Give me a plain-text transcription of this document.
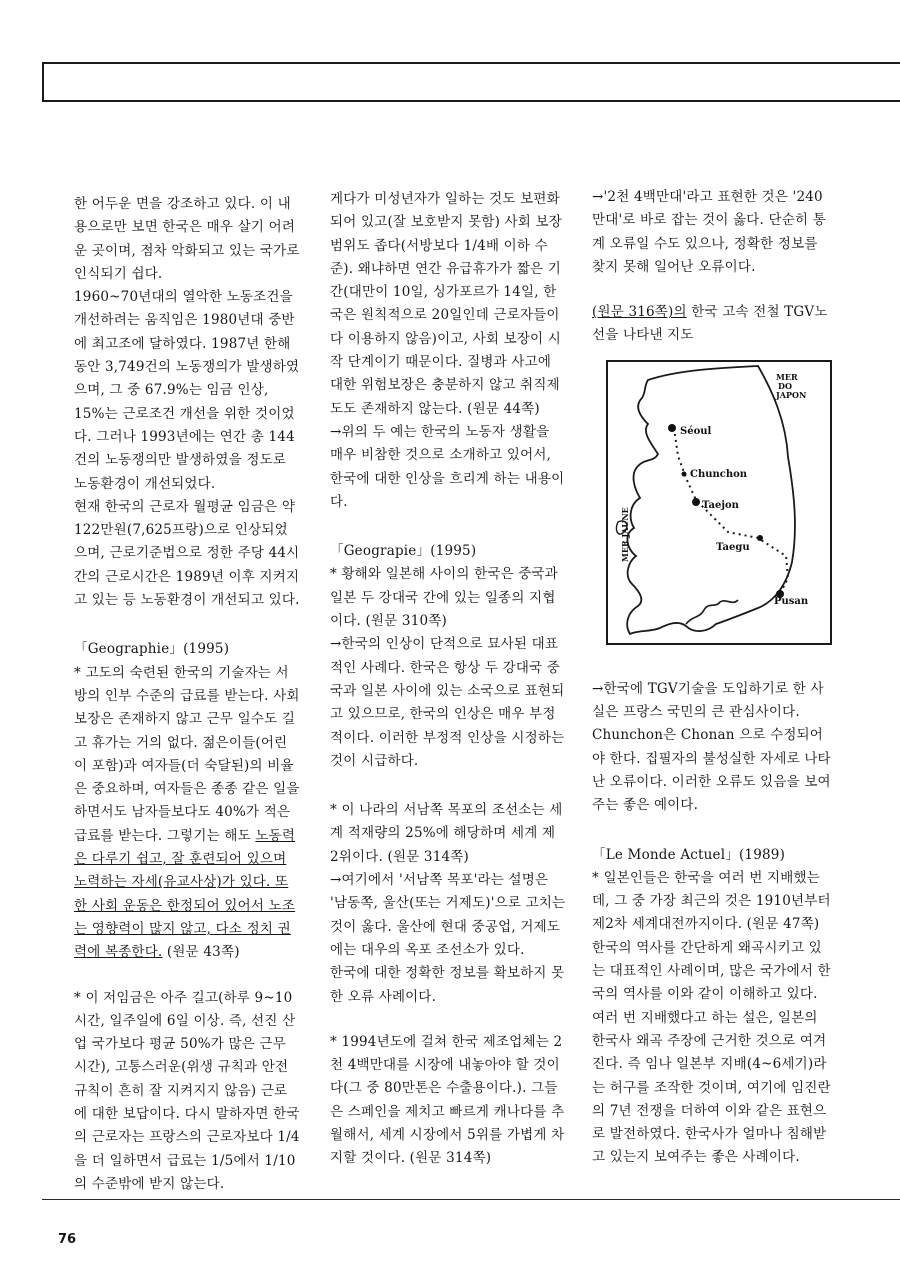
한 어두운 면을 강조하고 있다. 이 내용으로만 보면 한국은 매우 살기 어려운 곳이며, 점차 악화되고 있는 국가로 인식되기 쉽다.

1960~70년대의 열악한 노동조건을 개선하려는 움직임은 1980년대 중반에 최고조에 달하였다. 1987년 한해 동안 3,749건의 노동쟁의가 발생하였으며, 그 중 67.9%는 임금 인상, 15%는 근로조건 개선을 위한 것이었다. 그러나 1993년에는 연간 총 144건의 노동쟁의만 발생하였을 정도로 노동환경이 개선되었다.

현재 한국의 근로자 월평균 임금은 약 122만원(7,625프랑)으로 인상되었으며, 근로기준법으로 정한 주당 44시간의 근로시간은 1989년 이후 지켜지고 있는 등 노동환경이 개선되고 있다.

「Geographie」(1995)

* 고도의 숙련된 한국의 기술자는 서방의 인부 수준의 급료를 받는다. 사회보장은 존재하지 않고 근무 일수도 길고 휴가는 거의 없다. 젊은이들(어린이 포함)과 여자들(더 숙달된)의 비율은 중요하며, 여자들은 종종 같은 일을 하면서도 남자들보다도 40%가 적은 급료를 받는다. 그렇기는 해도 노동력은 다루기 쉽고, 잘 훈련되어 있으며 노력하는 자세(유교사상)가 있다. 또한 사회 운동은 한정되어 있어서 노조는 영향력이 많지 않고, 다소 정치 권력에 복종한다. (원문 43쪽)

* 이 저임금은 아주 길고(하루 9~10시간, 일주일에 6일 이상. 즉, 선진 산업 국가보다 평균 50%가 많은 근무 시간), 고통스러운(위생 규칙과 안전 규칙이 흔히 잘 지켜지지 않음) 근로에 대한 보답이다. 다시 말하자면 한국의 근로자는 프랑스의 근로자보다 1/4을 더 일하면서 급료는 1/5에서 1/10의 수준밖에 받지 않는다.

게다가 미성년자가 일하는 것도 보편화되어 있고(잘 보호받지 못함) 사회 보장 범위도 좁다(서방보다 1/4배 이하 수준). 왜냐하면 연간 유급휴가가 짧은 기간(대만이 10일, 싱가포르가 14일, 한국은 원칙적으로 20일인데 근로자들이 다 이용하지 않음)이고, 사회 보장이 시작 단계이기 때문이다. 질병과 사고에 대한 위험보장은 충분하지 않고 취직제도도 존재하지 않는다. (원문 44쪽)

→위의 두 예는 한국의 노동자 생활을 매우 비참한 것으로 소개하고 있어서, 한국에 대한 인상을 흐리게 하는 내용이다.

「Geograpie」(1995)

* 황해와 일본해 사이의 한국은 중국과 일본 두 강대국 간에 있는 일종의 지협이다. (원문 310쪽)

→한국의 인상이 단적으로 묘사된 대표적인 사례다. 한국은 항상 두 강대국 중국과 일본 사이에 있는 소국으로 표현되고 있으므로, 한국의 인상은 매우 부정적이다. 이러한 부정적 인상을 시정하는 것이 시급하다.

* 이 나라의 서남쪽 목포의 조선소는 세계 적재량의 25%에 해당하며 세계 제 2위이다. (원문 314쪽)

→여기에서 '서남쪽 목포'라는 설명은 '남동쪽, 울산(또는 거제도)'으로 고치는 것이 옳다. 울산에 현대 중공업, 거제도에는 대우의 옥포 조선소가 있다.

한국에 대한 정확한 정보를 확보하지 못한 오류 사례이다.

* 1994년도에 걸쳐 한국 제조업체는 2천 4백만대를 시장에 내놓아야 할 것이다(그 중 80만톤은 수출용이다.). 그들은 스페인을 제치고 빠르게 캐나다를 추월해서, 세계 시장에서 5위를 가볍게 차지할 것이다. (원문 314쪽)

→'2천 4백만대'라고 표현한 것은 '240만대'로 바로 잡는 것이 옳다. 단순히 통계 오류일 수도 있으나, 정확한 정보를 찾지 못해 일어난 오류이다.

(원문 316쪽)의 한국 고속 전철 TGV노선을 나타낸 지도

→한국에 TGV기술을 도입하기로 한 사실은 프랑스 국민의 큰 관심사이다. Chunchon은 Chonan 으로 수정되어야 한다. 집필자의 불성실한 자세로 나타난 오류이다. 이러한 오류도 있음을 보여주는 좋은 예이다.

「Le Monde Actuel」(1989)

* 일본인들은 한국을 여러 번 지배했는데, 그 중 가장 최근의 것은 1910년부터 제2차 세계대전까지이다. (원문 47쪽)

한국의 역사를 간단하게 왜곡시키고 있는 대표적인 사례이며, 많은 국가에서 한국의 역사를 이와 같이 이해하고 있다. 여러 번 지배했다고 하는 설은, 일본의 한국사 왜곡 주장에 근거한 것으로 여겨진다. 즉 임나 일본부 지배(4~6세기)라는 허구를 조작한 것이며, 여기에 임진란의 7년 전쟁을 더하여 이와 같은 표현으로 발전하였다. 한국사가 얼마나 침해받고 있는지 보여주는 좋은 사례이다.

MER
DO
JAPON
MER JAUNE
Séoul
Chunchon
Taejon
Taegu
Pusan
76
